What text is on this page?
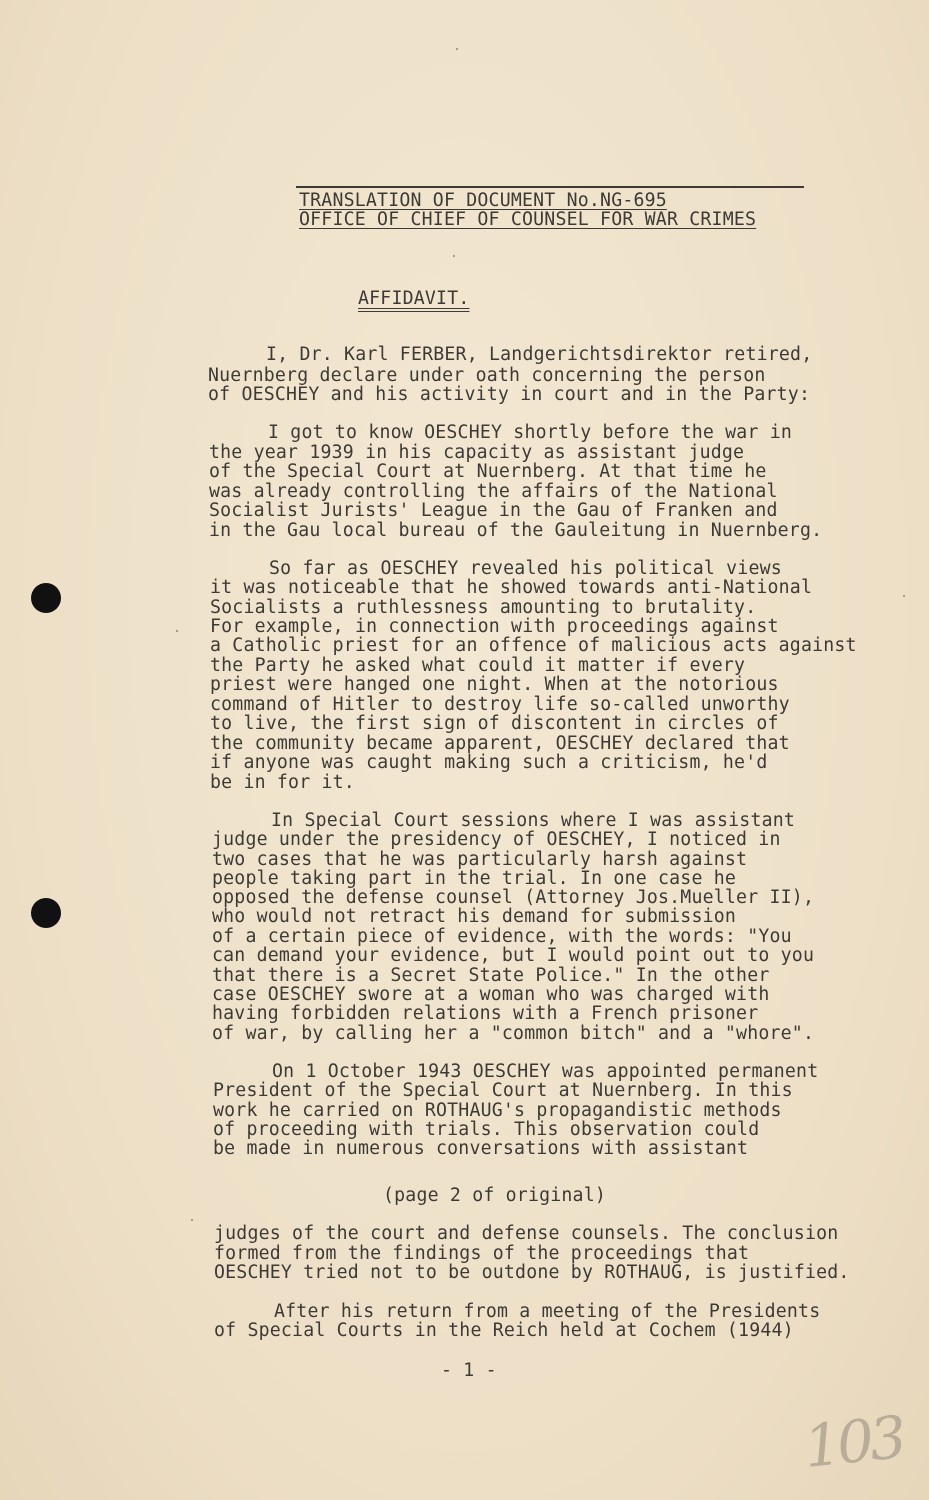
TRANSLATION OF DOCUMENT No.NG-695
OFFICE OF CHIEF OF COUNSEL FOR WAR CRIMES
AFFIDAVIT.
I, Dr. Karl FERBER, Landgerichtsdirektor retired,
Nuernberg declare under oath concerning the person
of OESCHEY and his activity in court and in the Party:
I got to know OESCHEY shortly before the war in
the year 1939 in his capacity as assistant judge
of the Special Court at Nuernberg. At that time he
was already controlling the affairs of the National
Socialist Jurists' League in the Gau of Franken and
in the Gau local bureau of the Gauleitung in Nuernberg.
So far as OESCHEY revealed his political views
it was noticeable that he showed towards anti-National
Socialists a ruthlessness amounting to brutality.
For example, in connection with proceedings against
a Catholic priest for an offence of malicious acts against
the Party he asked what could it matter if every
priest were hanged one night. When at the notorious
command of Hitler to destroy life so-called unworthy
to live, the first sign of discontent in circles of
the community became apparent, OESCHEY declared that
if anyone was caught making such a criticism, he'd
be in for it.
In Special Court sessions where I was assistant
judge under the presidency of OESCHEY, I noticed in
two cases that he was particularly harsh against
people taking part in the trial. In one case he
opposed the defense counsel (Attorney Jos.Mueller II),
who would not retract his demand for submission
of a certain piece of evidence, with the words: "You
can demand your evidence, but I would point out to you
that there is a Secret State Police." In the other
case OESCHEY swore at a woman who was charged with
having forbidden relations with a French prisoner
of war, by calling her a "common bitch" and a "whore".
On 1 October 1943 OESCHEY was appointed permanent
President of the Special Court at Nuernberg. In this
work he carried on ROTHAUG's propagandistic methods
of proceeding with trials. This observation could
be made in numerous conversations with assistant
(page 2 of original)
judges of the court and defense counsels. The conclusion
formed from the findings of the proceedings that
OESCHEY tried not to be outdone by ROTHAUG, is justified.
After his return from a meeting of the Presidents
of Special Courts in the Reich held at Cochem (1944)
- 1 -
103
